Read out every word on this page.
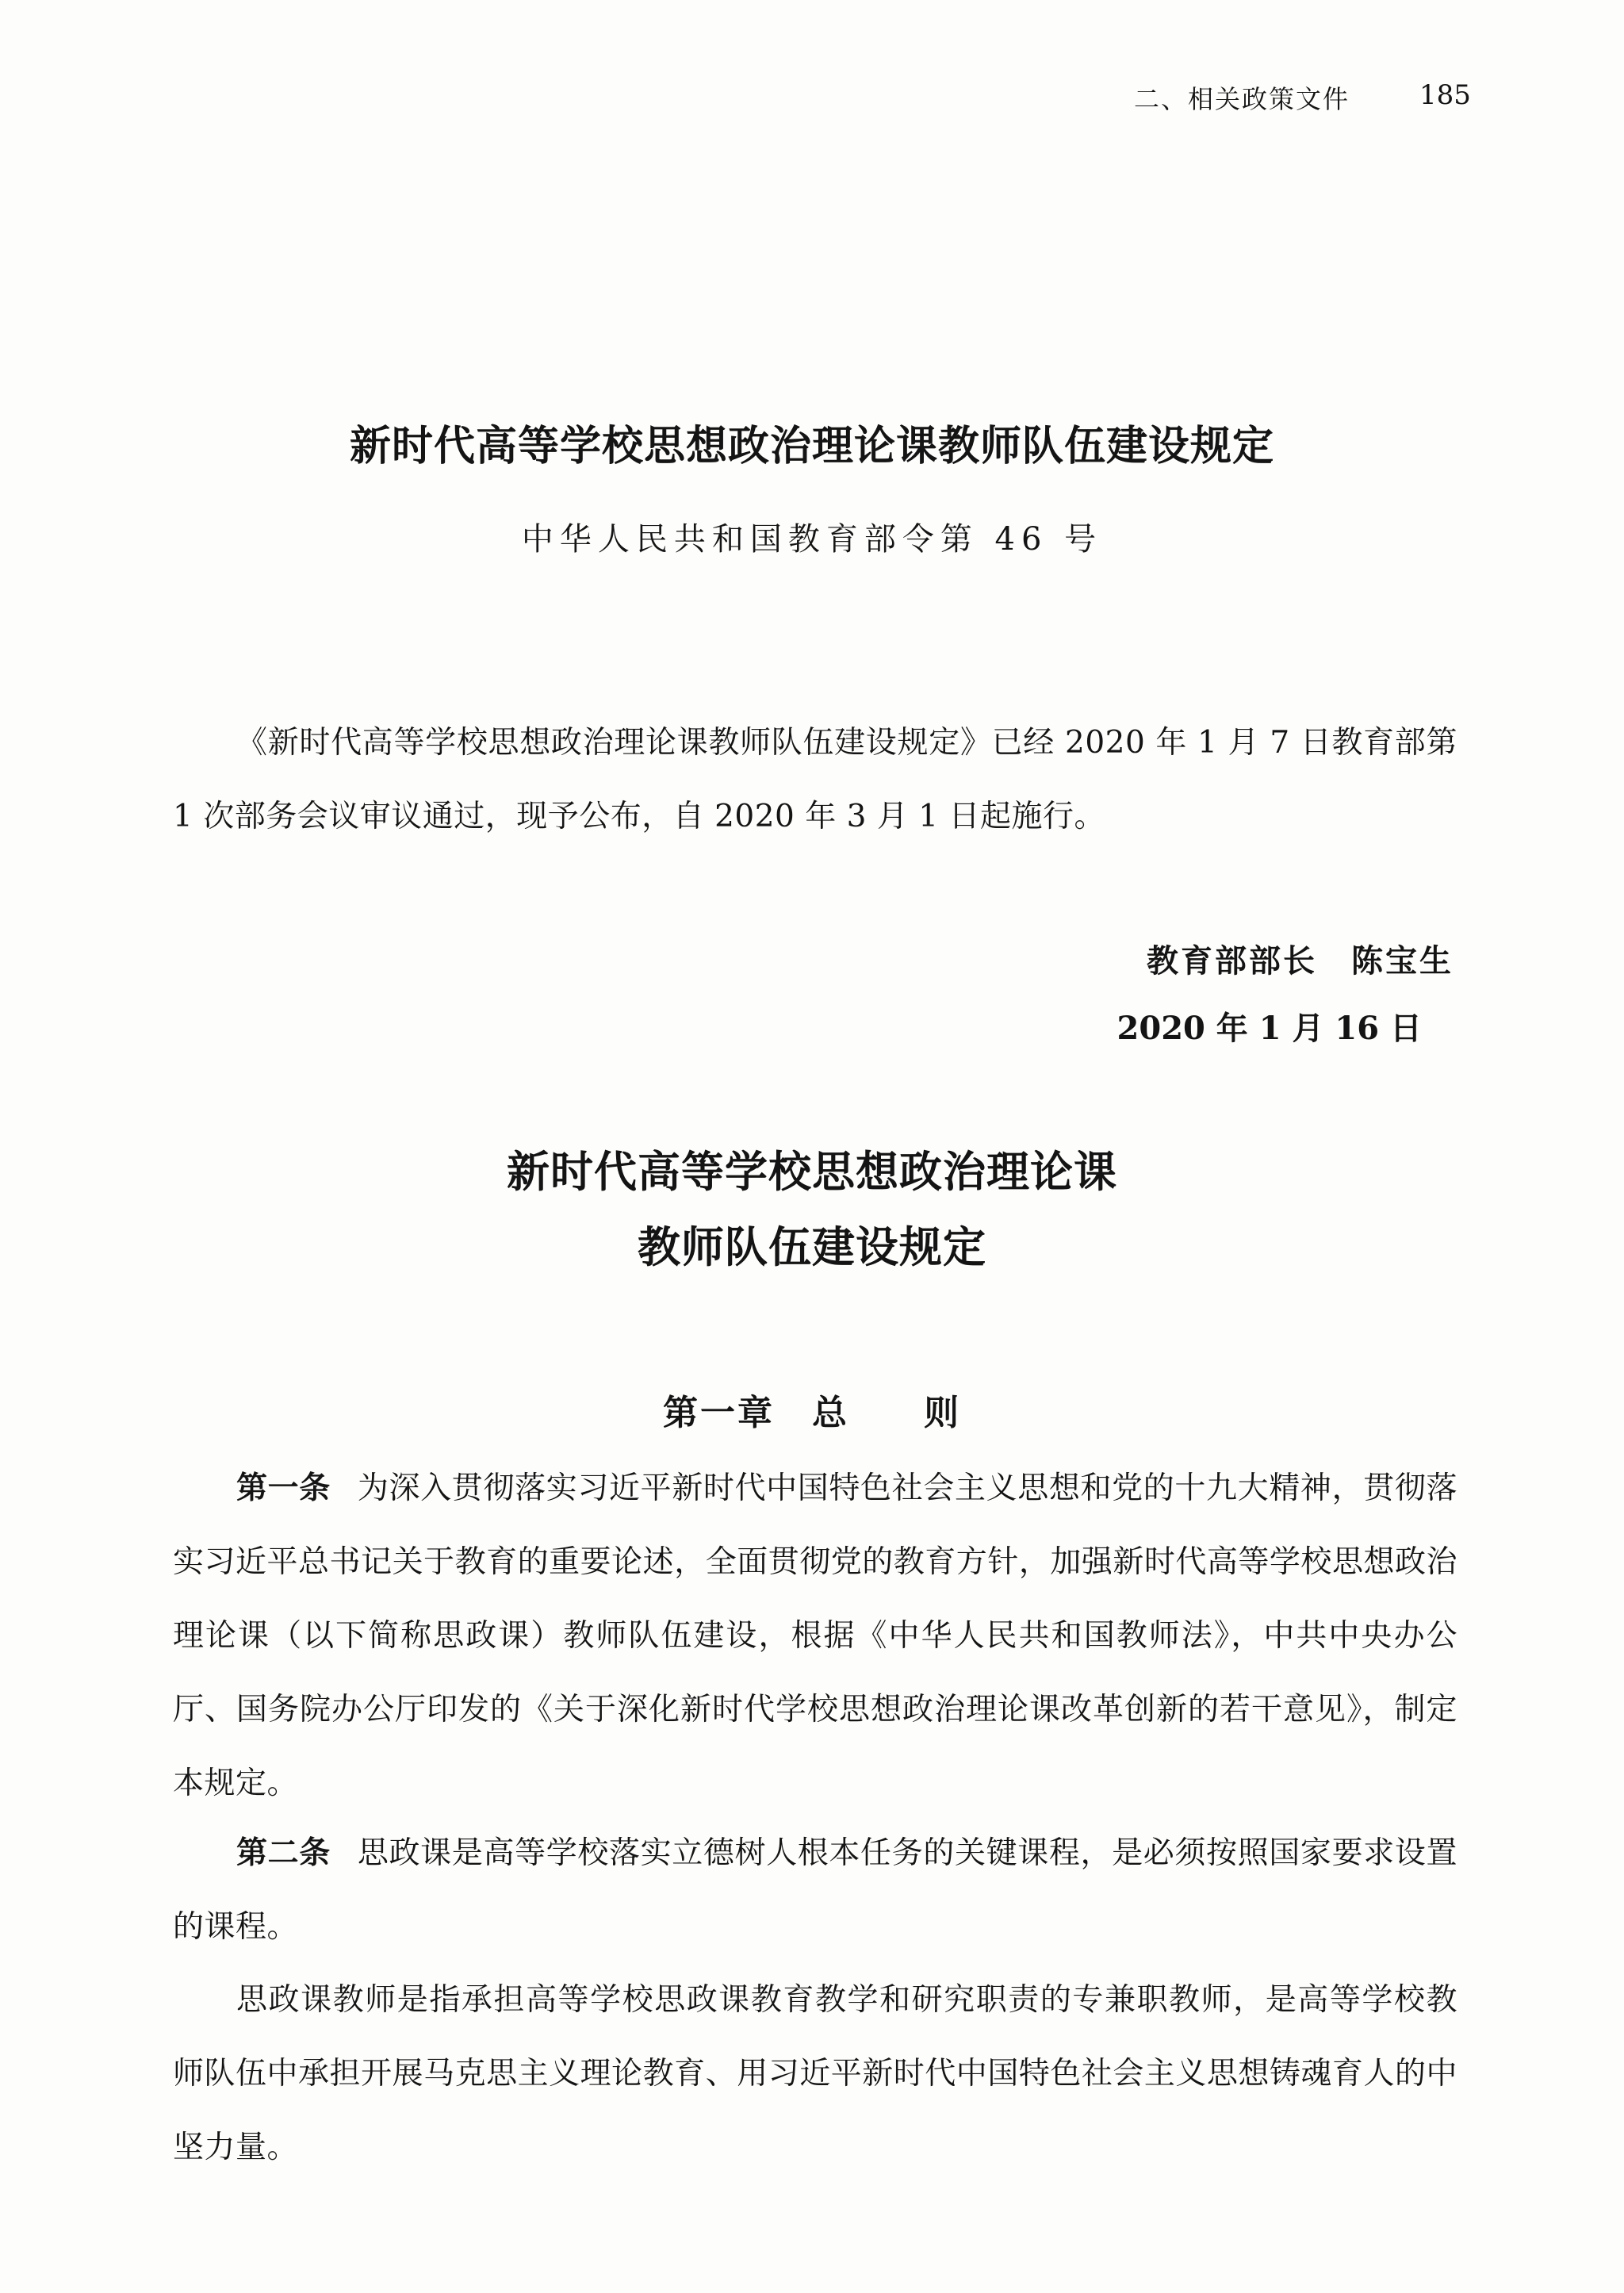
二、相关政策文件	185
新时代高等学校思想政治理论课教师队伍建设规定
中华人民共和国教育部令第 46 号
《新时代高等学校思想政治理论课教师队伍建设规定》已经 2020 年 1 月 7 日教育部第 1 次部务会议审议通过，现予公布，自 2020 年 3 月 1 日起施行。
教育部部长　陈宝生
2020 年 1 月 16 日
新时代高等学校思想政治理论课
教师队伍建设规定
第一章　总　　则
第一条 为深入贯彻落实习近平新时代中国特色社会主义思想和党的十九大精神，贯彻落实习近平总书记关于教育的重要论述，全面贯彻党的教育方针，加强新时代高等学校思想政治理论课（以下简称思政课）教师队伍建设，根据《中华人民共和国教师法》，中共中央办公厅、国务院办公厅印发的《关于深化新时代学校思想政治理论课改革创新的若干意见》，制定本规定。
第二条 思政课是高等学校落实立德树人根本任务的关键课程，是必须按照国家要求设置的课程。
思政课教师是指承担高等学校思政课教育教学和研究职责的专兼职教师，是高等学校教师队伍中承担开展马克思主义理论教育、用习近平新时代中国特色社会主义思想铸魂育人的中坚力量。
